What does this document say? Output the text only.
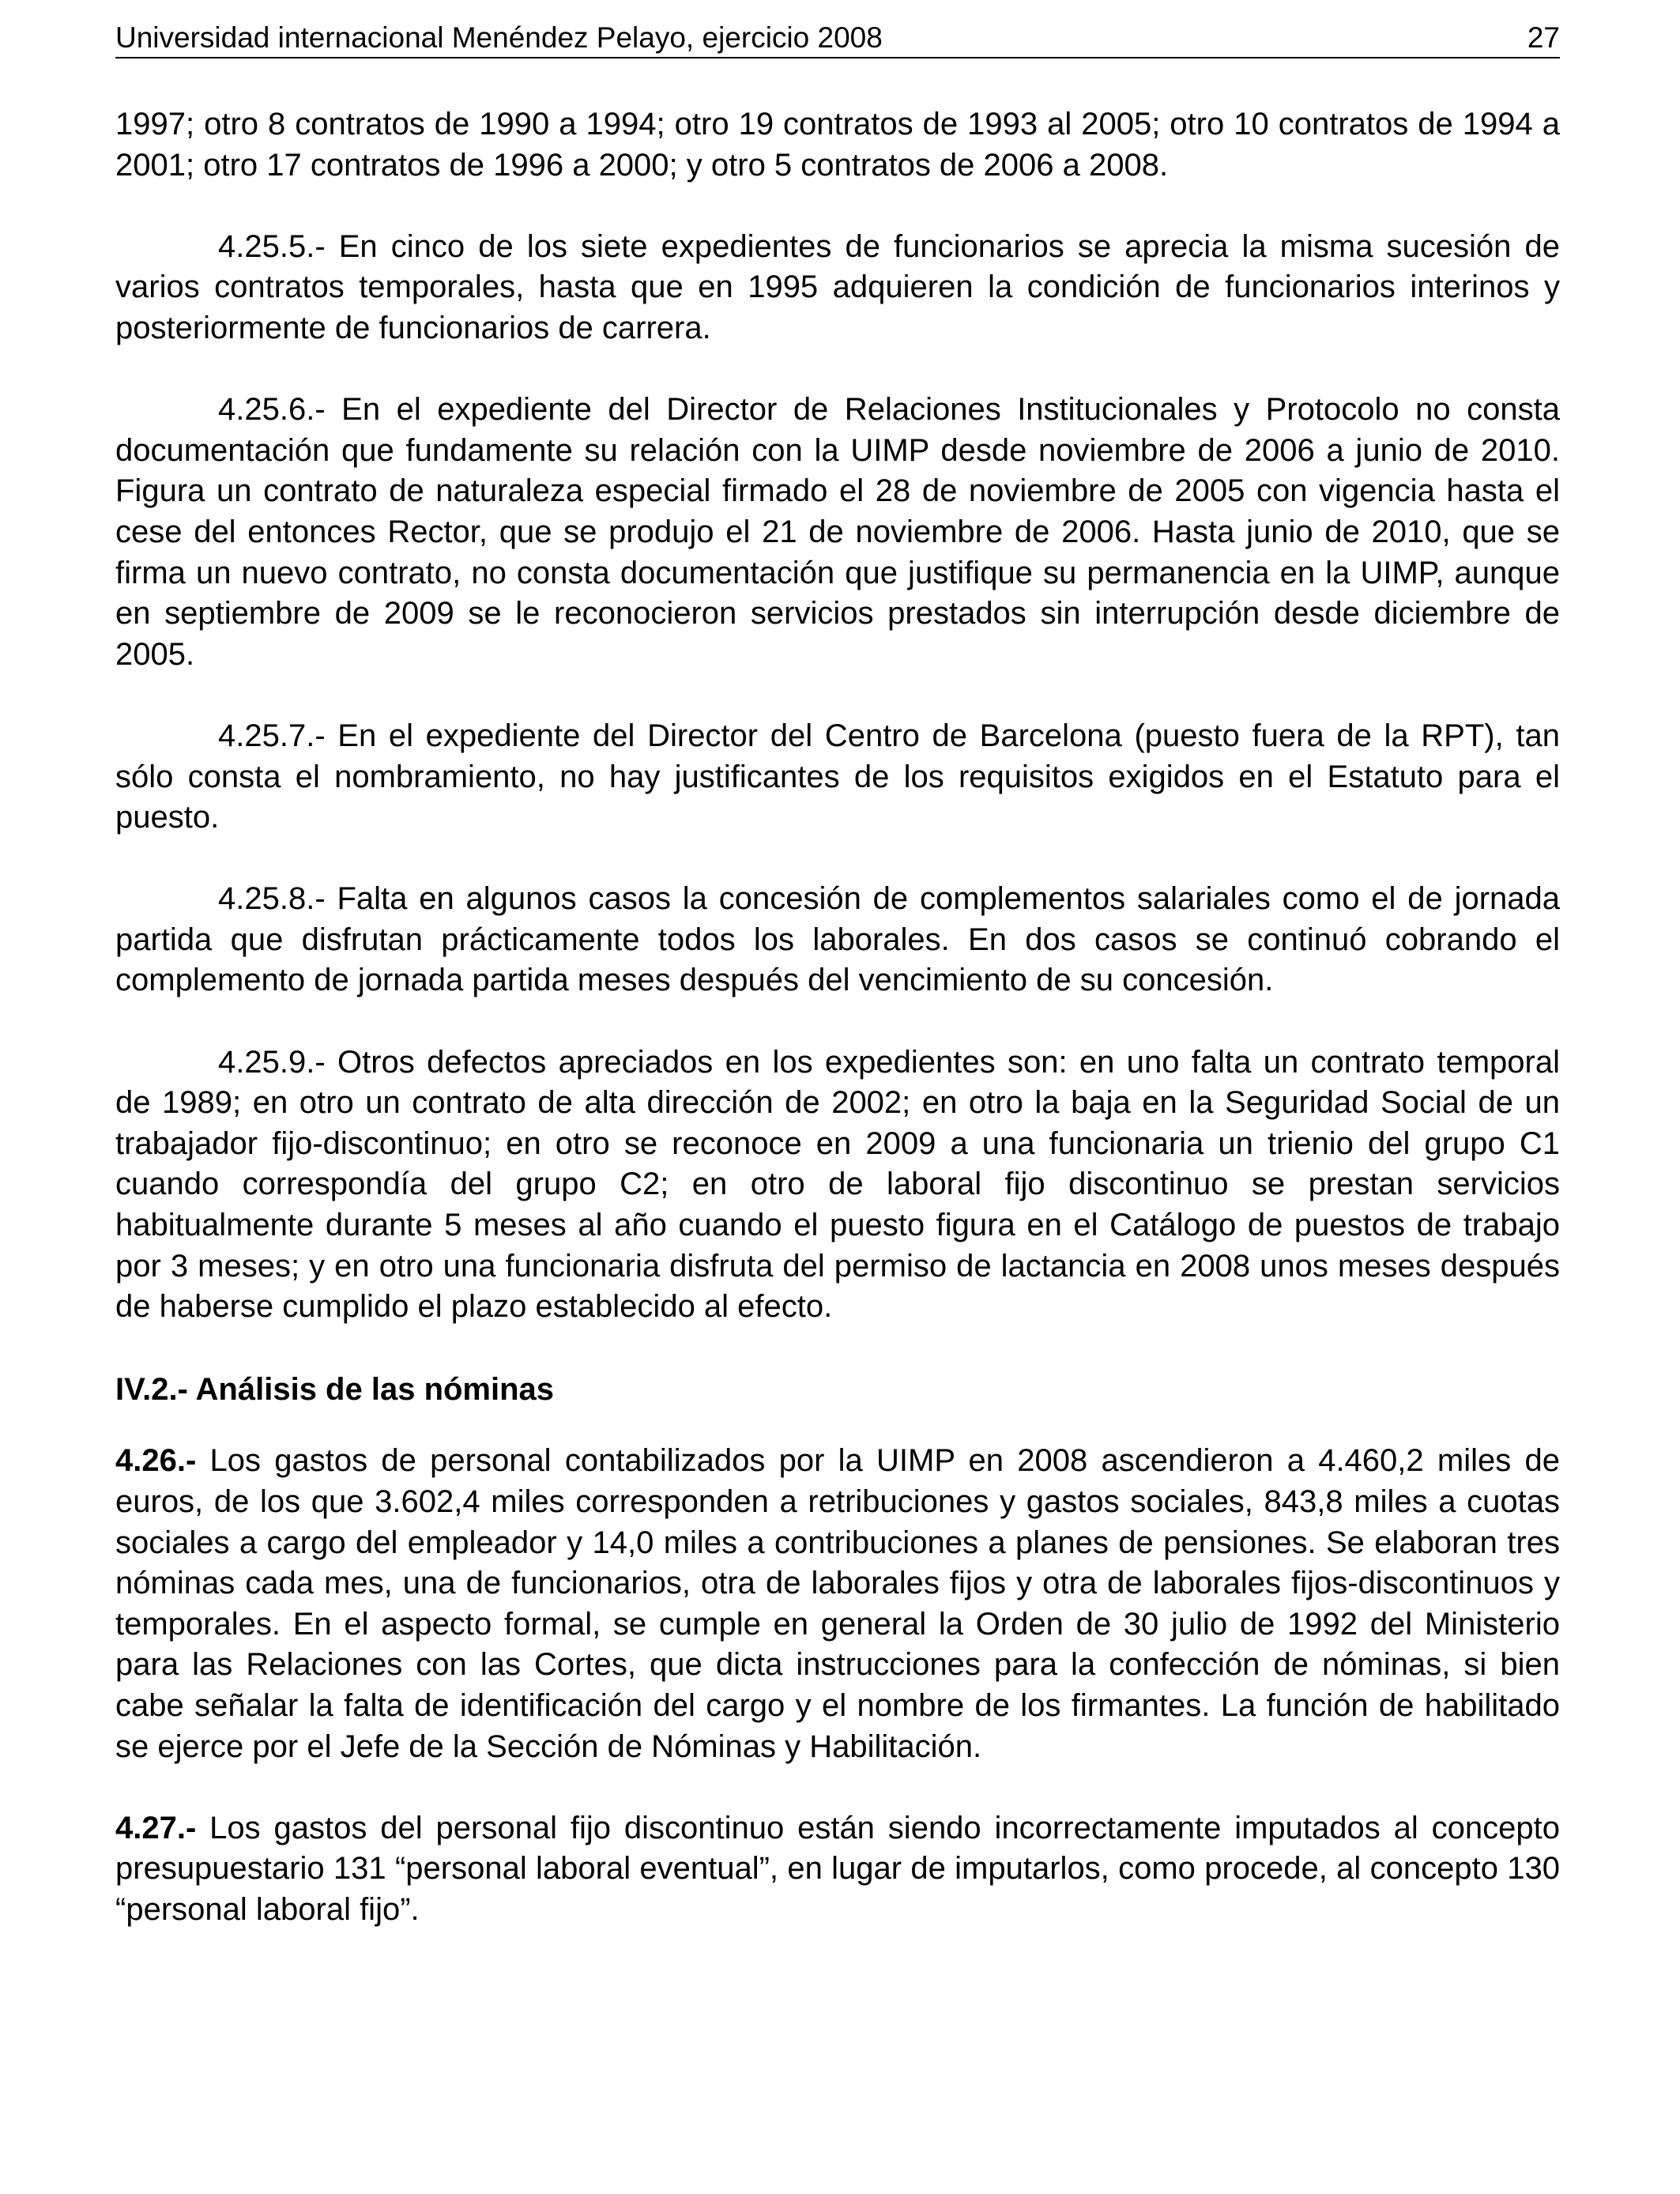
Universidad internacional Menéndez Pelayo, ejercicio 2008	27

1997; otro 8 contratos de 1990 a 1994; otro 19 contratos de 1993 al 2005; otro 10 contratos de 1994 a 2001; otro 17 contratos de 1996 a 2000; y otro 5 contratos de 2006 a 2008.

4.25.5.- En cinco de los siete expedientes de funcionarios se aprecia la misma sucesión de varios contratos temporales, hasta que en 1995 adquieren la condición de funcionarios interinos y posteriormente de funcionarios de carrera.

4.25.6.- En el expediente del Director de Relaciones Institucionales y Protocolo no consta documentación que fundamente su relación con la UIMP desde noviembre de 2006 a junio de 2010. Figura un contrato de naturaleza especial firmado el 28 de noviembre de 2005 con vigencia hasta el cese del entonces Rector, que se produjo el 21 de noviembre de 2006. Hasta junio de 2010, que se firma un nuevo contrato, no consta documentación que justifique su permanencia en la UIMP, aunque en septiembre de 2009 se le reconocieron servicios prestados sin interrupción desde diciembre de 2005.

4.25.7.- En el expediente del Director del Centro de Barcelona (puesto fuera de la RPT), tan sólo consta el nombramiento, no hay justificantes de los requisitos exigidos en el Estatuto para el puesto.

4.25.8.- Falta en algunos casos la concesión de complementos salariales como el de jornada partida que disfrutan prácticamente todos los laborales. En dos casos se continuó cobrando el complemento de jornada partida meses después del vencimiento de su concesión.

4.25.9.- Otros defectos apreciados en los expedientes son: en uno falta un contrato temporal de 1989; en otro un contrato de alta dirección de 2002; en otro la baja en la Seguridad Social de un trabajador fijo-discontinuo; en otro se reconoce en 2009 a una funcionaria un trienio del grupo C1 cuando correspondía del grupo C2; en otro de laboral fijo discontinuo se prestan servicios habitualmente durante 5 meses al año cuando el puesto figura en el Catálogo de puestos de trabajo por 3 meses; y en otro una funcionaria disfruta del permiso de lactancia en 2008 unos meses después de haberse cumplido el plazo establecido al efecto.

IV.2.- Análisis de las nóminas

4.26.- Los gastos de personal contabilizados por la UIMP en 2008 ascendieron a 4.460,2 miles de euros, de los que 3.602,4 miles corresponden a retribuciones y gastos sociales, 843,8 miles a cuotas sociales a cargo del empleador y 14,0 miles a contribuciones a planes de pensiones. Se elaboran tres nóminas cada mes, una de funcionarios, otra de laborales fijos y otra de laborales fijos-discontinuos y temporales. En el aspecto formal, se cumple en general la Orden de 30 julio de 1992 del Ministerio para las Relaciones con las Cortes, que dicta instrucciones para la confección de nóminas, si bien cabe señalar la falta de identificación del cargo y el nombre de los firmantes. La función de habilitado se ejerce por el Jefe de la Sección de Nóminas y Habilitación.

4.27.- Los gastos del personal fijo discontinuo están siendo incorrectamente imputados al concepto presupuestario 131 “personal laboral eventual”, en lugar de imputarlos, como procede, al concepto 130 “personal laboral fijo”.
